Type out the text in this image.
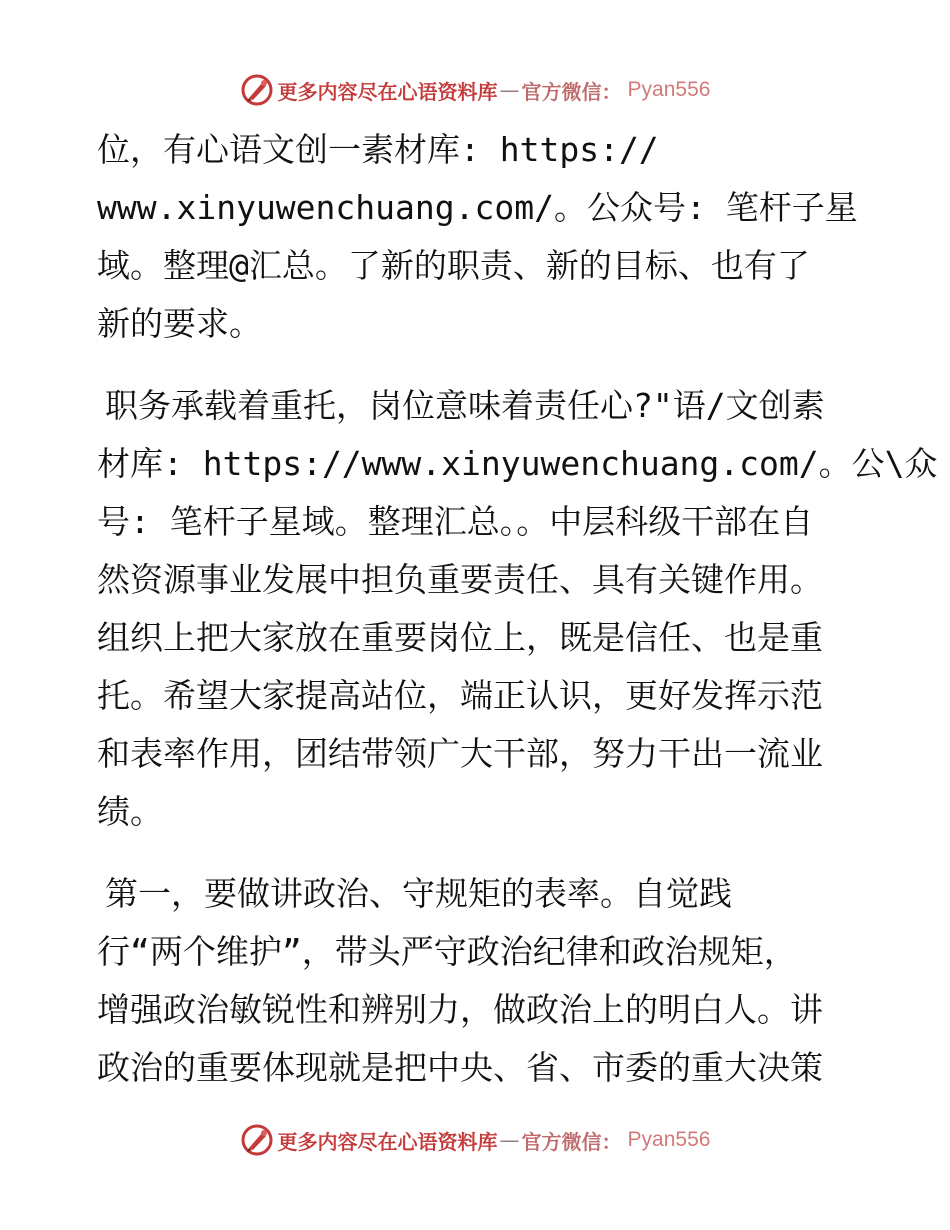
更多内容尽在心语资料库 — 官方微信： Pyan556
位，有心语文创一素材库: https://
www.xinyuwenchuang.com/。公众号: 笔杆子星
域。整理@汇总。了新的职责、新的目标、也有了
新的要求。
职务承载着重托，岗位意味着责任心?"语/文创素
材库: https://www.xinyuwenchuang.com/。公\众
号: 笔杆子星域。整理汇总。。中层科级干部在自
然资源事业发展中担负重要责任、具有关键作用。
组织上把大家放在重要岗位上，既是信任、也是重
托。希望大家提高站位，端正认识，更好发挥示范
和表率作用，团结带领广大干部，努力干出一流业
绩。
第一，要做讲政治、守规矩的表率。自觉践
行“两个维护”，带头严守政治纪律和政治规矩，
增强政治敏锐性和辨别力，做政治上的明白人。讲
政治的重要体现就是把中央、省、市委的重大决策
更多内容尽在心语资料库 — 官方微信： Pyan556
